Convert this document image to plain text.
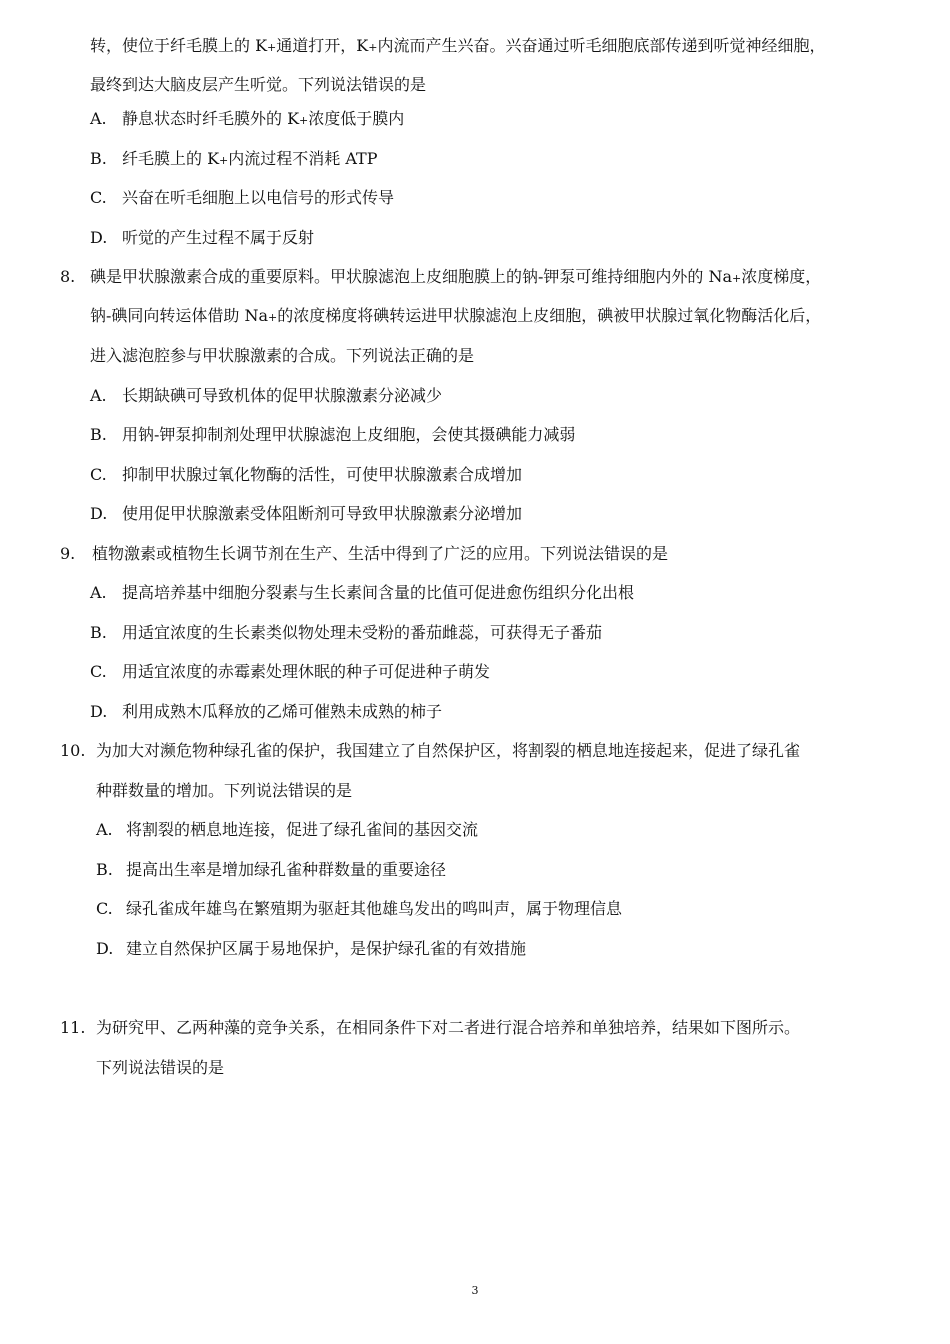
转，使位于纤毛膜上的 K+通道打开，K+内流而产生兴奋。兴奋通过听毛细胞底部传递到听觉神经细胞，
最终到达大脑皮层产生听觉。下列说法错误的是
A. 静息状态时纤毛膜外的 K+浓度低于膜内
B. 纤毛膜上的 K+内流过程不消耗 ATP
C. 兴奋在听毛细胞上以电信号的形式传导
D. 听觉的产生过程不属于反射
8. 碘是甲状腺激素合成的重要原料。甲状腺滤泡上皮细胞膜上的钠-钾泵可维持细胞内外的 Na+浓度梯度，
钠-碘同向转运体借助 Na+的浓度梯度将碘转运进甲状腺滤泡上皮细胞，碘被甲状腺过氧化物酶活化后，
进入滤泡腔参与甲状腺激素的合成。下列说法正确的是
A. 长期缺碘可导致机体的促甲状腺激素分泌减少
B. 用钠-钾泵抑制剂处理甲状腺滤泡上皮细胞，会使其摄碘能力减弱
C. 抑制甲状腺过氧化物酶的活性，可使甲状腺激素合成增加
D. 使用促甲状腺激素受体阻断剂可导致甲状腺激素分泌增加
9. 植物激素或植物生长调节剂在生产、生活中得到了广泛的应用。下列说法错误的是
A. 提高培养基中细胞分裂素与生长素间含量的比值可促进愈伤组织分化出根
B. 用适宜浓度的生长素类似物处理未受粉的番茄雌蕊，可获得无子番茄
C. 用适宜浓度的赤霉素处理休眠的种子可促进种子萌发
D. 利用成熟木瓜释放的乙烯可催熟未成熟的柿子
10. 为加大对濒危物种绿孔雀的保护，我国建立了自然保护区，将割裂的栖息地连接起来，促进了绿孔雀
种群数量的增加。下列说法错误的是
A. 将割裂的栖息地连接，促进了绿孔雀间的基因交流
B. 提高出生率是增加绿孔雀种群数量的重要途径
C. 绿孔雀成年雄鸟在繁殖期为驱赶其他雄鸟发出的鸣叫声，属于物理信息
D. 建立自然保护区属于易地保护，是保护绿孔雀的有效措施
11. 为研究甲、乙两种藻的竞争关系，在相同条件下对二者进行混合培养和单独培养，结果如下图所示。
下列说法错误的是
3
